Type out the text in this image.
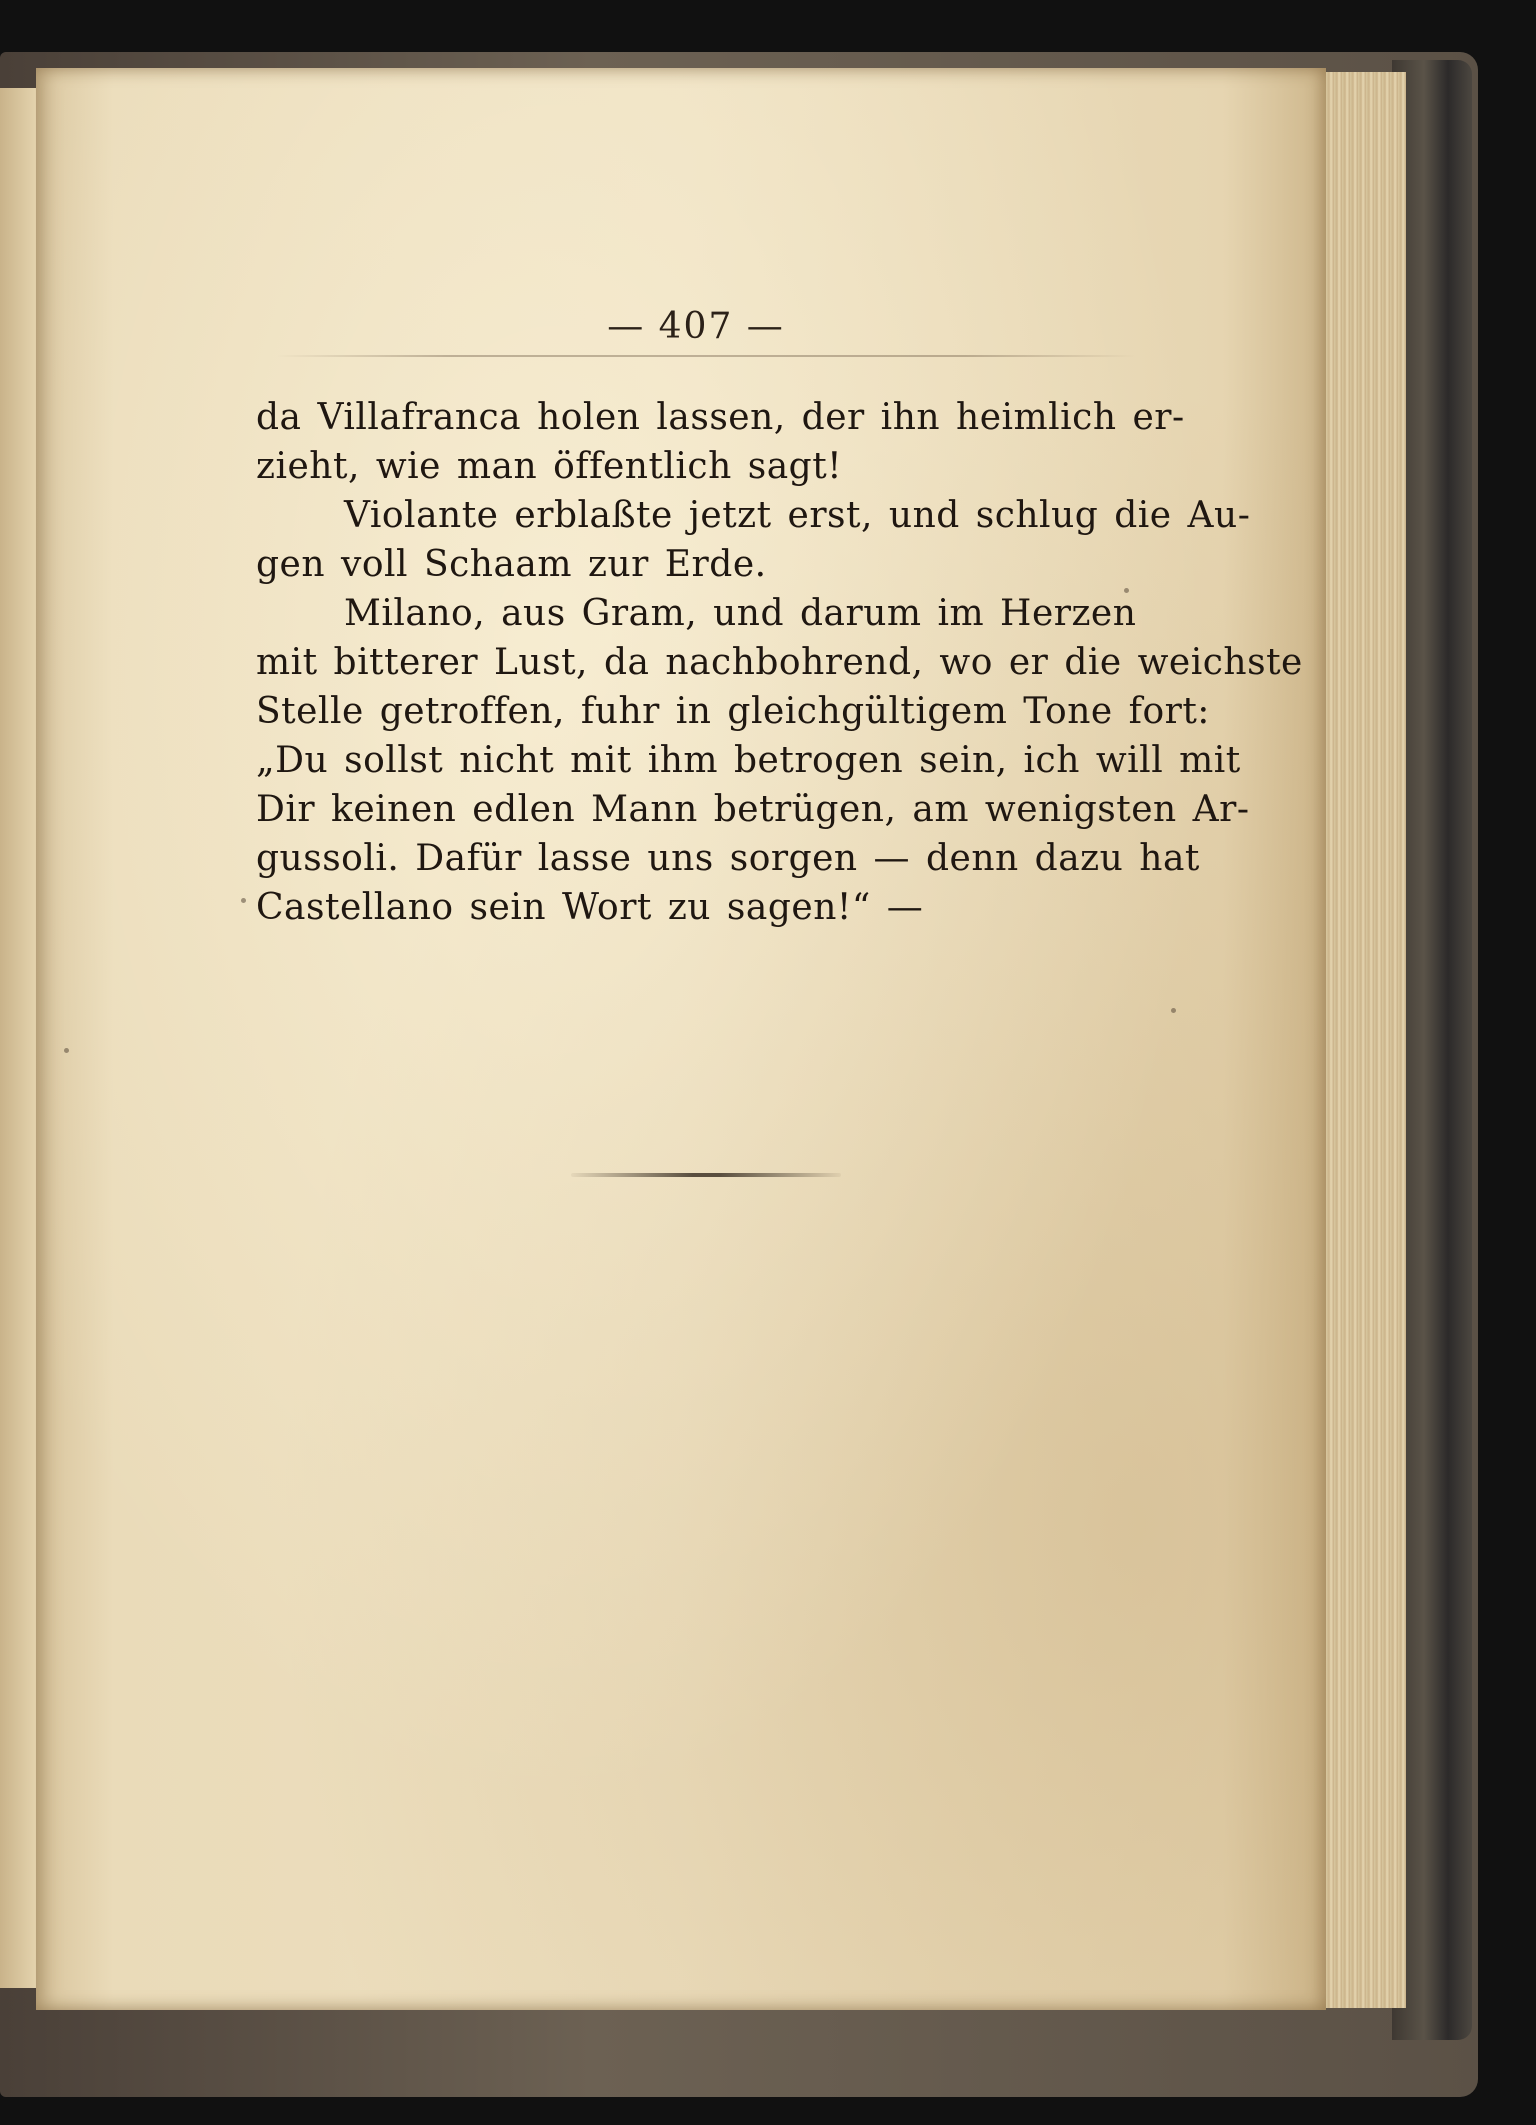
— 407 —
da Villafranca holen lassen, der ihn heimlich er-
zieht, wie man öffentlich sagt!
Violante erblaßte jetzt erst, und schlug die Au-
gen voll Schaam zur Erde.
Milano, aus Gram, und darum im Herzen
mit bitterer Lust, da nachbohrend, wo er die weichste
Stelle getroffen, fuhr in gleichgültigem Tone fort:
„Du sollst nicht mit ihm betrogen sein, ich will mit
Dir keinen edlen Mann betrügen, am wenigsten Ar-
gussoli. Dafür lasse uns sorgen — denn dazu hat
Castellano sein Wort zu sagen!“ —
